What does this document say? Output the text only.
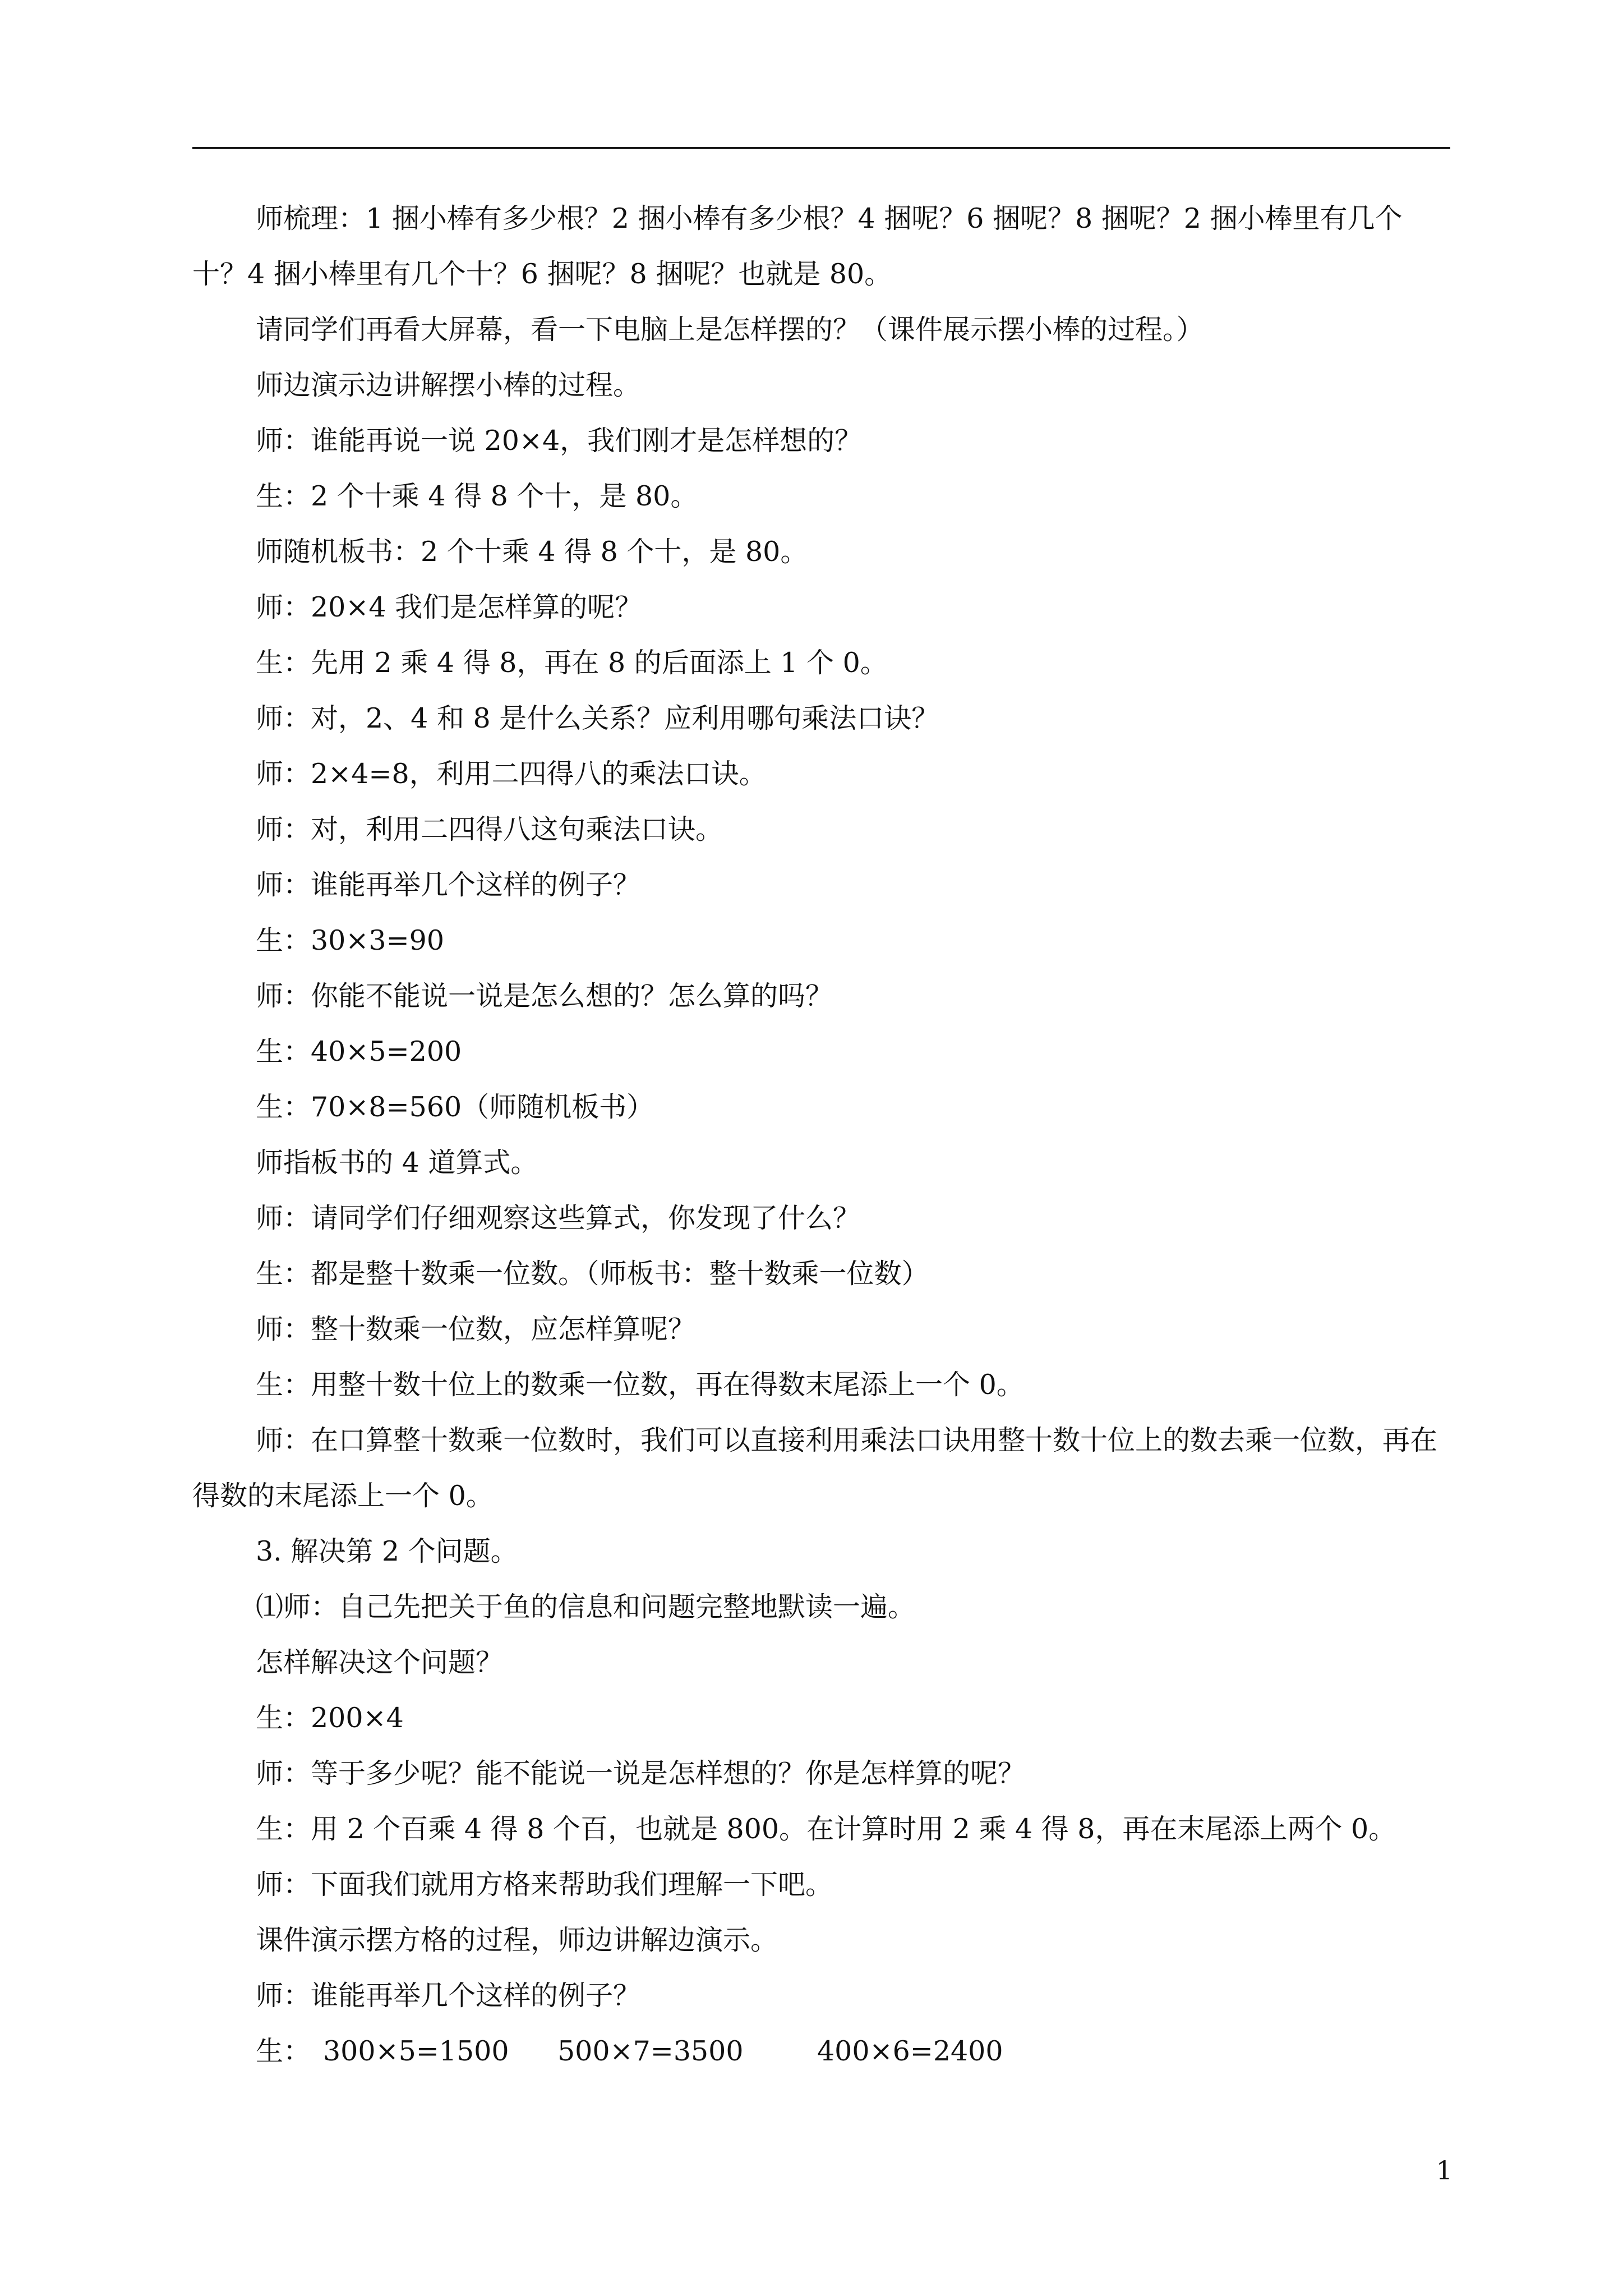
师梳理：1 捆小棒有多少根？2 捆小棒有多少根？4 捆呢？6 捆呢？8 捆呢？2 捆小棒里有几个十？4 捆小棒里有几个十？6 捆呢？8 捆呢？也就是 80。

请同学们再看大屏幕，看一下电脑上是怎样摆的？（课件展示摆小棒的过程。）

师边演示边讲解摆小棒的过程。

师：谁能再说一说 20×4，我们刚才是怎样想的？

生：2 个十乘 4 得 8 个十，是 80。

师随机板书：2 个十乘 4 得 8 个十，是 80。

师：20×4 我们是怎样算的呢？

生：先用 2 乘 4 得 8，再在 8 的后面添上 1 个 0。

师：对，2、4 和 8 是什么关系？应利用哪句乘法口诀？

师：2×4=8，利用二四得八的乘法口诀。

师：对，利用二四得八这句乘法口诀。

师：谁能再举几个这样的例子？

生：30×3=90

师：你能不能说一说是怎么想的？怎么算的吗？

生：40×5=200

生：70×8=560（师随机板书）

师指板书的 4 道算式。

师：请同学们仔细观察这些算式，你发现了什么？

生：都是整十数乘一位数。（师板书：整十数乘一位数）

师：整十数乘一位数，应怎样算呢？

生：用整十数十位上的数乘一位数，再在得数末尾添上一个 0。

师：在口算整十数乘一位数时，我们可以直接利用乘法口诀用整十数十位上的数去乘一位数，再在得数的末尾添上一个 0。

3. 解决第 2 个问题。

⑴师：自己先把关于鱼的信息和问题完整地默读一遍。

怎样解决这个问题？

生：200×4

师：等于多少呢？能不能说一说是怎样想的？你是怎样算的呢？

生：用 2 个百乘 4 得 8 个百，也就是 800。在计算时用 2 乘 4 得 8，再在末尾添上两个 0。

师：下面我们就用方格来帮助我们理解一下吧。

课件演示摆方格的过程，师边讲解边演示。

师：谁能再举几个这样的例子？

生： 300×5=1500 500×7=3500	400×6=2400
1
